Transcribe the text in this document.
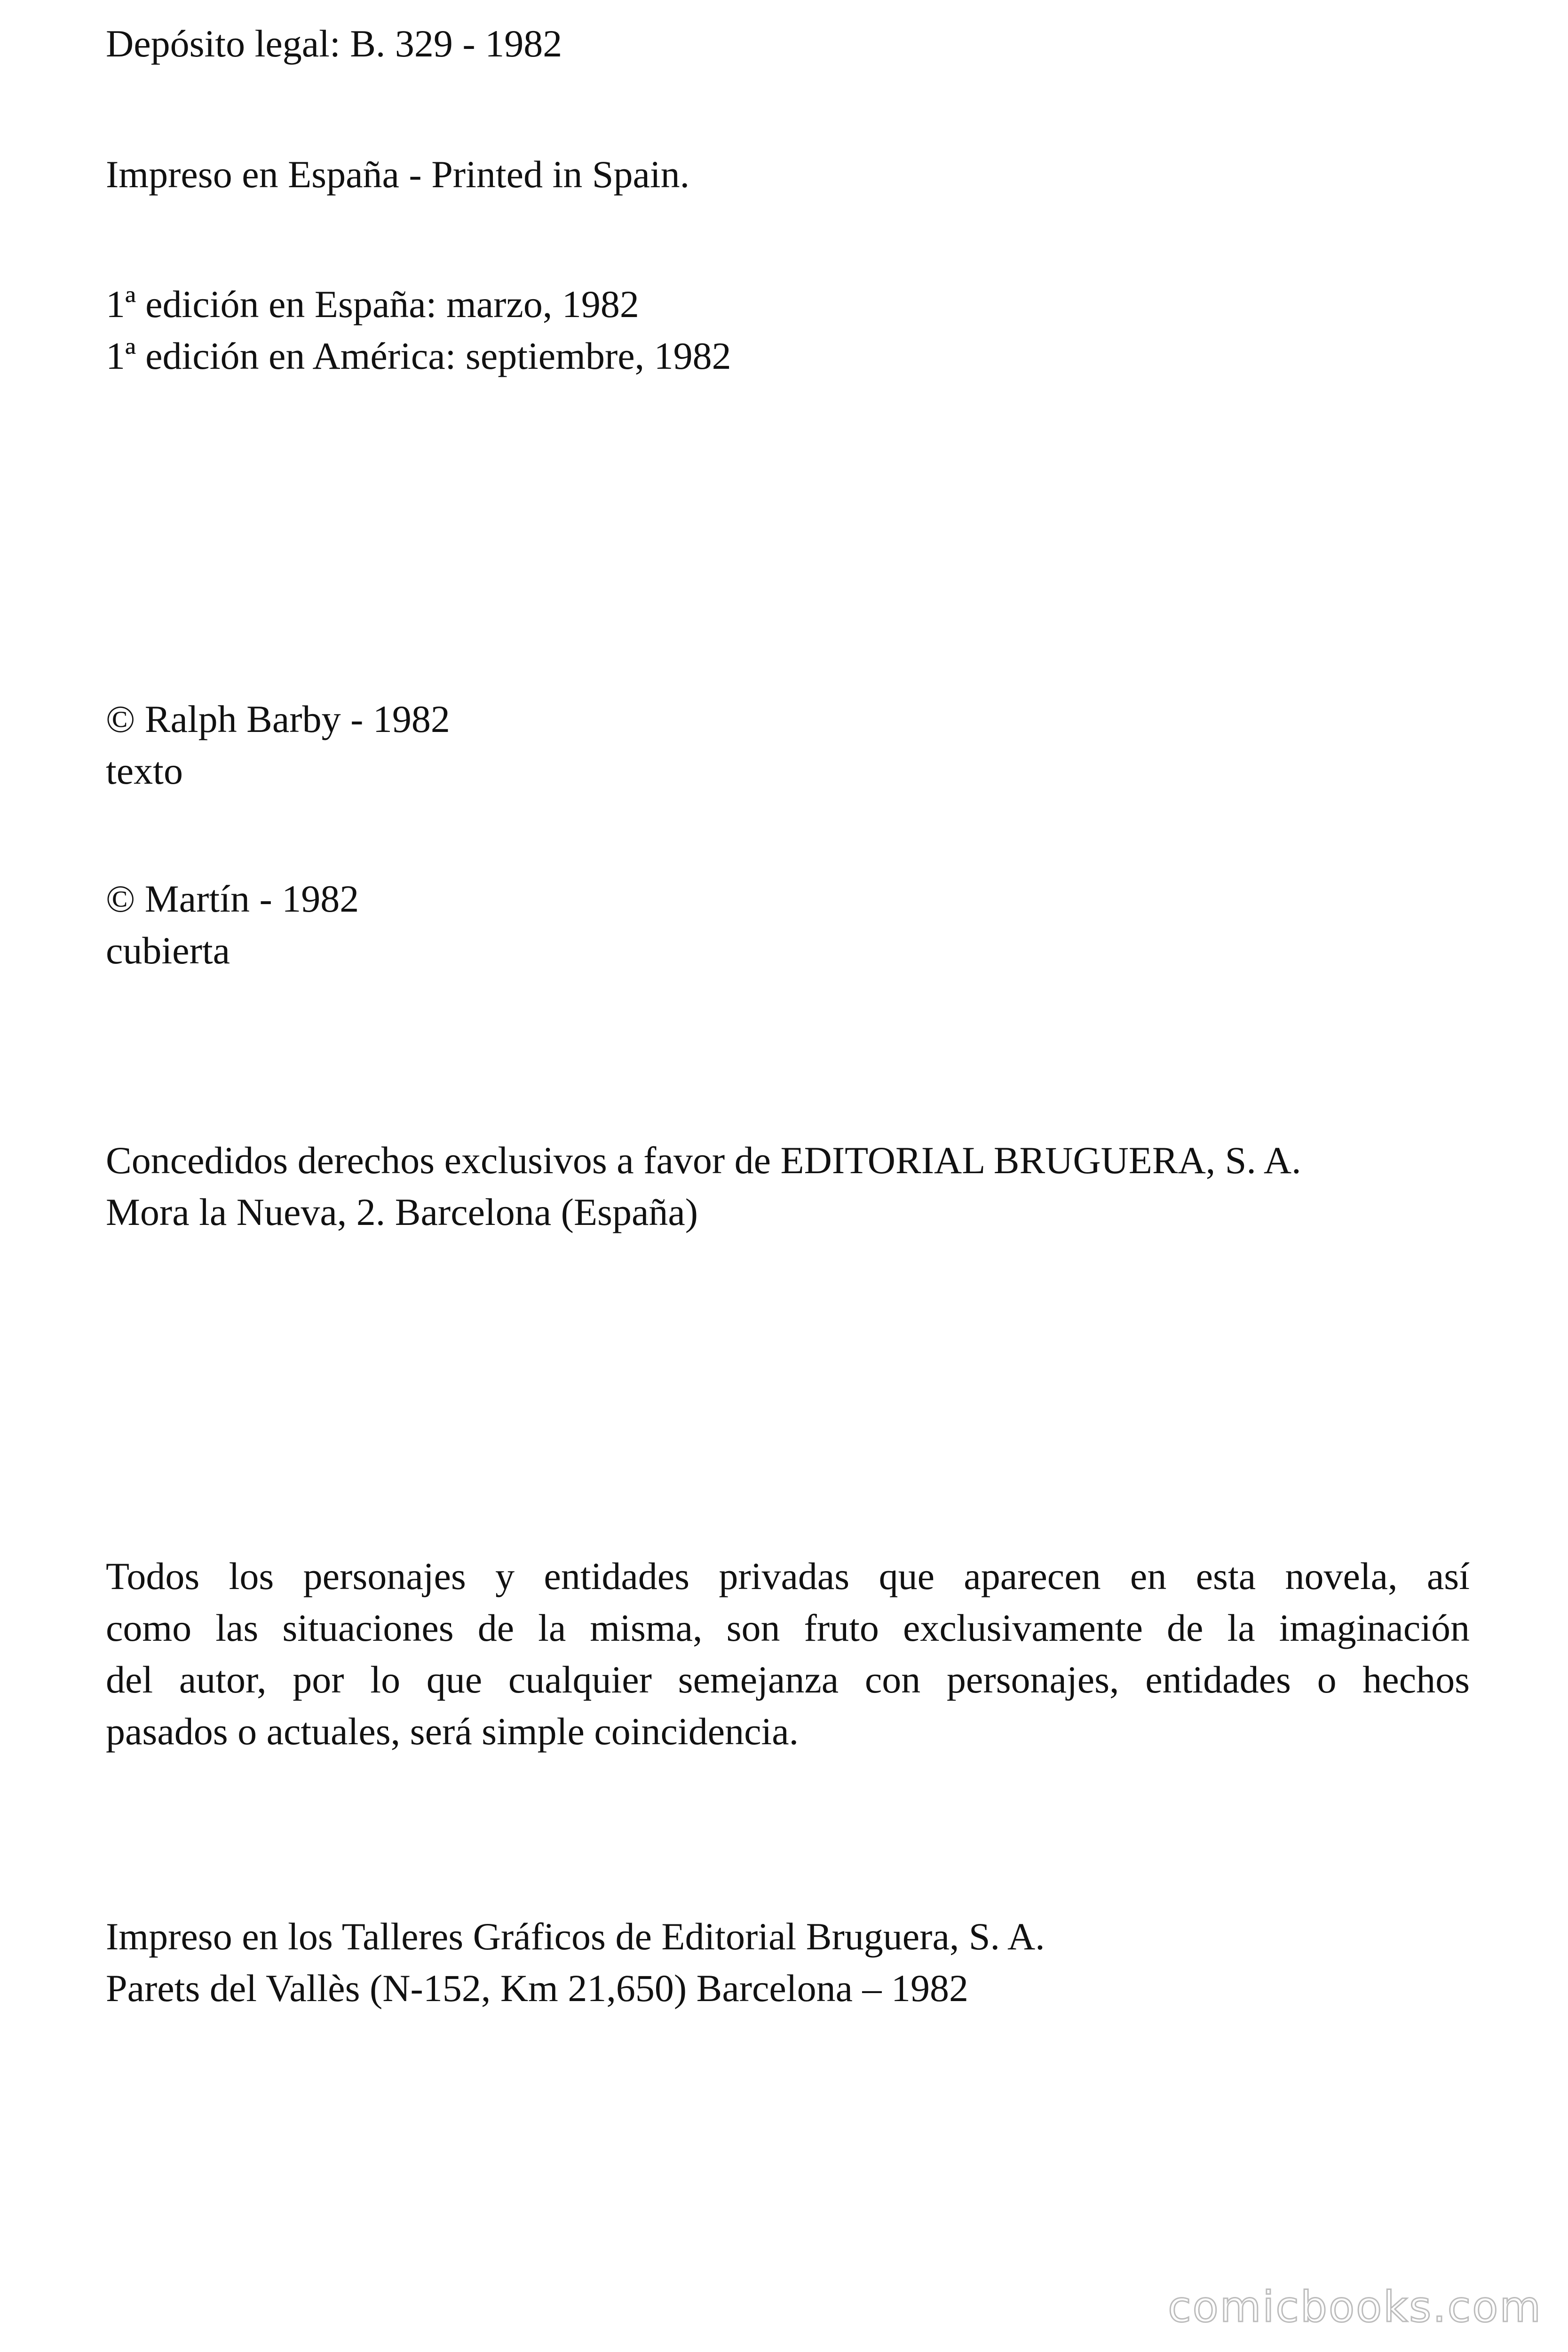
Depósito legal: B. 329 - 1982

Impreso en España - Printed in Spain.

1ª edición en España: marzo, 1982

1ª edición en América: septiembre, 1982

© Ralph Barby - 1982

texto

© Martín - 1982

cubierta

Concedidos derechos exclusivos a favor de EDITORIAL BRUGUERA, S. A.

Mora la Nueva, 2. Barcelona (España)

Todos los personajes y entidades privadas que aparecen en esta novela, así
como las situaciones de la misma, son fruto exclusivamente de la imaginación
del autor, por lo que cualquier semejanza con personajes, entidades o hechos
pasados o actuales, será simple coincidencia.

Impreso en los Talleres Gráficos de Editorial Bruguera, S. A.

Parets del Vallès (N-152, Km 21,650) Barcelona – 1982

comicbooks.com
